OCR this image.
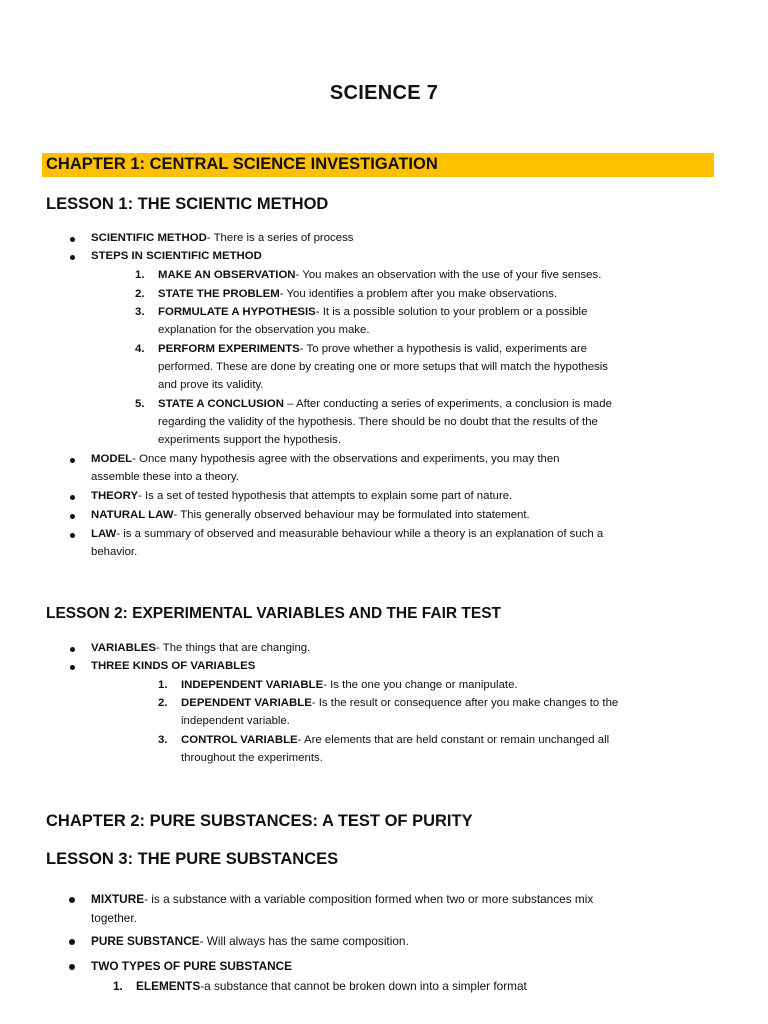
SCIENCE 7
CHAPTER 1: CENTRAL SCIENCE INVESTIGATION
LESSON 1: THE SCIENTIC METHOD
SCIENTIFIC METHOD- There is a series of process
STEPS IN SCIENTIFIC METHOD
1. MAKE AN OBSERVATION- You makes an observation with the use of your five senses.
2. STATE THE PROBLEM- You identifies a problem after you make observations.
3. FORMULATE A HYPOTHESIS- It is a possible solution to your problem or a possible
explanation for the observation you make.
4. PERFORM EXPERIMENTS- To prove whether a hypothesis is valid, experiments are
performed. These are done by creating one or more setups that will match the hypothesis
and prove its validity.
5. STATE A CONCLUSION – After conducting a series of experiments, a conclusion is made
regarding the validity of the hypothesis. There should be no doubt that the results of the
experiments support the hypothesis.
MODEL- Once many hypothesis agree with the observations and experiments, you may then
assemble these into a theory.
THEORY- Is a set of tested hypothesis that attempts to explain some part of nature.
NATURAL LAW- This generally observed behaviour may be formulated into statement.
LAW- is a summary of observed and measurable behaviour while a theory is an explanation of such a
behavior.
LESSON 2: EXPERIMENTAL VARIABLES AND THE FAIR TEST
VARIABLES- The things that are changing.
THREE KINDS OF VARIABLES
1. INDEPENDENT VARIABLE- Is the one you change or manipulate.
2. DEPENDENT VARIABLE- Is the result or consequence after you make changes to the
independent variable.
3. CONTROL VARIABLE- Are elements that are held constant or remain unchanged all
throughout the experiments.
CHAPTER 2: PURE SUBSTANCES: A TEST OF PURITY
LESSON 3: THE PURE SUBSTANCES
MIXTURE- is a substance with a variable composition formed when two or more substances mix
together.
PURE SUBSTANCE- Will always has the same composition.
TWO TYPES OF PURE SUBSTANCE
1. ELEMENTS-a substance that cannot be broken down into a simpler format
